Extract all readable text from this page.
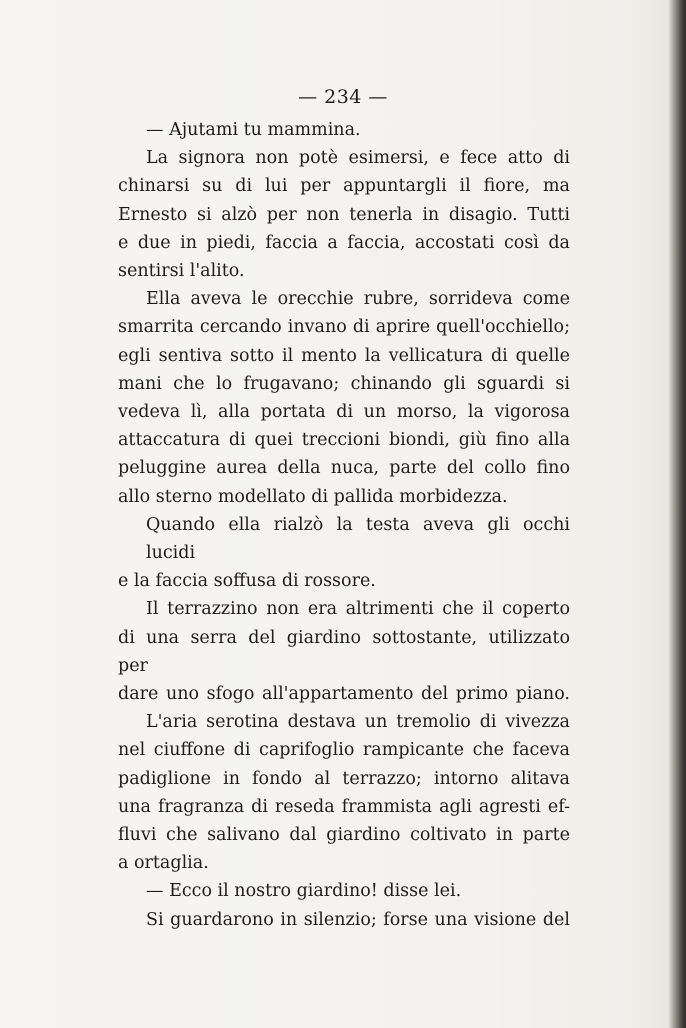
— 234 —

— Ajutami tu mammina.

La signora non potè esimersi, e fece atto di
chinarsi su di lui per appuntargli il fiore, ma
Ernesto si alzò per non tenerla in disagio. Tutti
e due in piedi, faccia a faccia, accostati così da
sentirsi l'alito.

Ella aveva le orecchie rubre, sorrideva come
smarrita cercando invano di aprire quell'occhiello;
egli sentiva sotto il mento la vellicatura di quelle
mani che lo frugavano; chinando gli sguardi si
vedeva lì, alla portata di un morso, la vigorosa
attaccatura di quei treccioni biondi, giù fino alla
peluggine aurea della nuca, parte del collo fino
allo sterno modellato di pallida morbidezza.

Quando ella rialzò la testa aveva gli occhi lucidi
e la faccia soffusa di rossore.

Il terrazzino non era altrimenti che il coperto
di una serra del giardino sottostante, utilizzato per
dare uno sfogo all'appartamento del primo piano.

L'aria serotina destava un tremolio di vivezza
nel ciuffone di caprifoglio rampicante che faceva
padiglione in fondo al terrazzo; intorno alitava
una fragranza di reseda frammista agli agresti ef-
fluvi che salivano dal giardino coltivato in parte
a ortaglia.

— Ecco il nostro giardino! disse lei.

Si guardarono in silenzio; forse una visione del
